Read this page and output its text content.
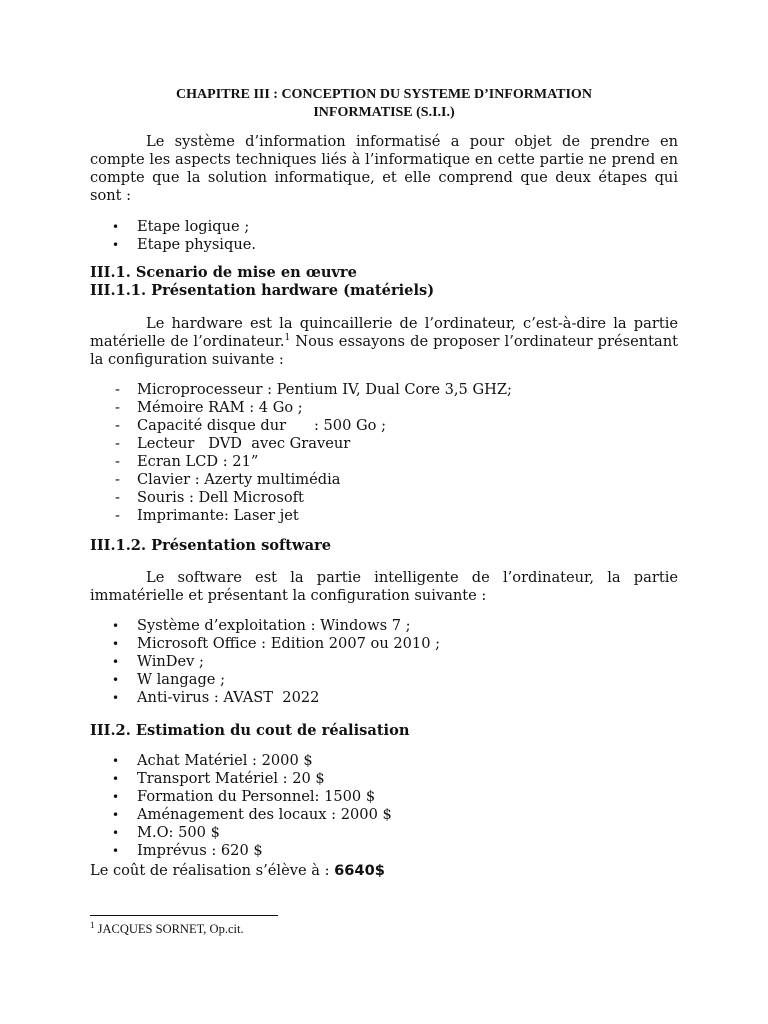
CHAPITRE III : CONCEPTION DU SYSTEME D’INFORMATION
INFORMATISE (S.I.I.)
Le système d’information informatisé a pour objet de prendre en compte les aspects techniques liés à l’informatique en cette partie ne prend en compte que la solution informatique, et elle comprend que deux étapes qui sont :
• Etape logique ;
• Etape physique.
III.1. Scenario de mise en œuvre
III.1.1. Présentation hardware (matériels)
Le hardware est la quincaillerie de l’ordinateur, c’est-à-dire la partie matérielle de l’ordinateur.$^1$ Nous essayons de proposer l’ordinateur présentant la configuration suivante :
- Microprocesseur : Pentium IV, Dual Core 3,5 GHZ;
- Mémoire RAM : 4 Go ;
- Capacité disque dur      : 500 Go ;
- Lecteur   DVD  avec Graveur
- Ecran LCD : 21”
- Clavier : Azerty multimédia
- Souris : Dell Microsoft
- Imprimante: Laser jet
III.1.2. Présentation software
Le software est la partie intelligente de l’ordinateur, la partie immatérielle et présentant la configuration suivante :
• Système d’exploitation : Windows 7 ;
• Microsoft Office : Edition 2007 ou 2010 ;
• WinDev ;
• W langage ;
• Anti-virus : AVAST  2022
III.2. Estimation du cout de réalisation
• Achat Matériel : 2000 $
• Transport Matériel : 20 $
• Formation du Personnel: 1500 $
• Aménagement des locaux : 2000 $
• M.O: 500 $
• Imprévus : 620 $
Le coût de réalisation s’élève à : 6640$
$^1$ JACQUES SORNET, Op.cit.
